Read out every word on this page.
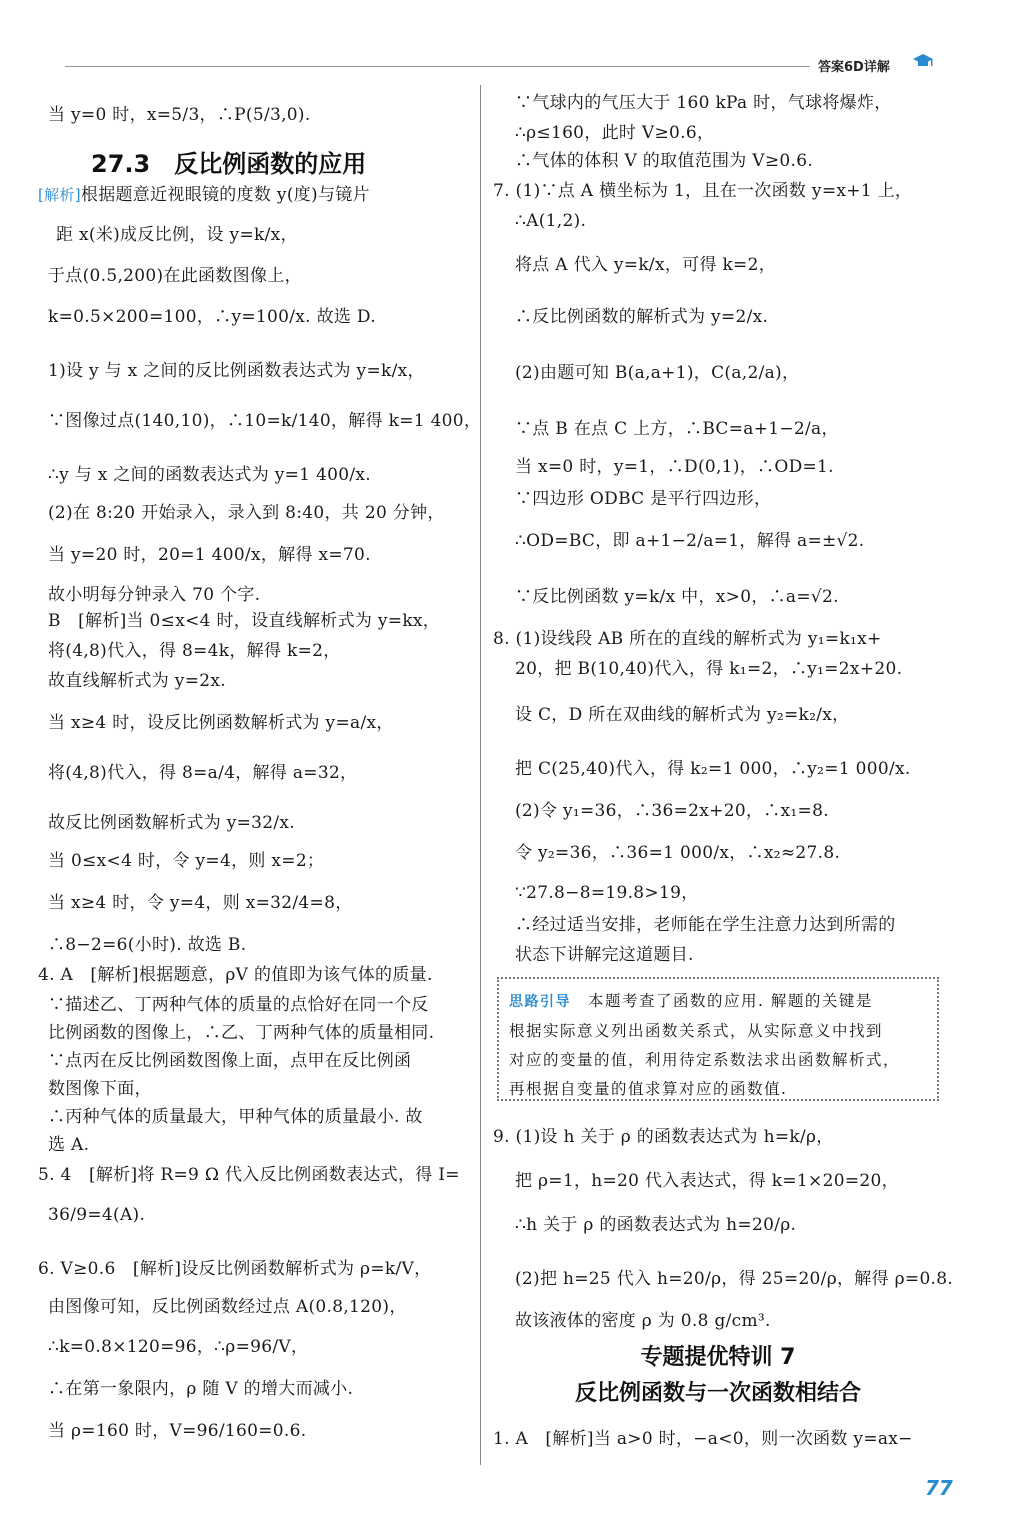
答案6D详解
当 y=0 时，x=5/3，∴P(5/3,0).
27.3　反比例函数的应用
[解析]根据题意近视眼镜的度数 y(度)与镜片
距 x(米)成反比例，设 y=k/x，
于点(0.5,200)在此函数图像上，
k=0.5×200=100，∴y=100/x. 故选 D.
1)设 y 与 x 之间的反比例函数表达式为 y=k/x，
∵图像过点(140,10)，∴10=k/140，解得 k=1 400，
∴y 与 x 之间的函数表达式为 y=1 400/x.
(2)在 8:20 开始录入，录入到 8:40，共 20 分钟，
当 y=20 时，20=1 400/x，解得 x=70.
故小明每分钟录入 70 个字.
B　[解析]当 0≤x<4 时，设直线解析式为 y=kx，
将(4,8)代入，得 8=4k，解得 k=2，
故直线解析式为 y=2x.
当 x≥4 时，设反比例函数解析式为 y=a/x，
将(4,8)代入，得 8=a/4，解得 a=32，
故反比例函数解析式为 y=32/x.
当 0≤x<4 时，令 y=4，则 x=2；
当 x≥4 时，令 y=4，则 x=32/4=8，
∴8−2=6(小时). 故选 B.
4. A　[解析]根据题意，ρV 的值即为该气体的质量.
∵描述乙、丁两种气体的质量的点恰好在同一个反
比例函数的图像上，∴乙、丁两种气体的质量相同.
∵点丙在反比例函数图像上面，点甲在反比例函
数图像下面，
∴丙种气体的质量最大，甲种气体的质量最小. 故
选 A.
5. 4　[解析]将 R=9 Ω 代入反比例函数表达式，得 I=
36/9=4(A).
6. V≥0.6　[解析]设反比例函数解析式为 ρ=k/V，
由图像可知，反比例函数经过点 A(0.8,120)，
∴k=0.8×120=96，∴ρ=96/V，
∴在第一象限内，ρ 随 V 的增大而减小.
当 ρ=160 时，V=96/160=0.6.
∵气球内的气压大于 160 kPa 时，气球将爆炸，
∴ρ≤160，此时 V≥0.6，
∴气体的体积 V 的取值范围为 V≥0.6.
7. (1)∵点 A 横坐标为 1，且在一次函数 y=x+1 上，
∴A(1,2).
将点 A 代入 y=k/x，可得 k=2，
∴反比例函数的解析式为 y=2/x.
(2)由题可知 B(a,a+1)，C(a,2/a)，
∵点 B 在点 C 上方，∴BC=a+1−2/a，
当 x=0 时，y=1，∴D(0,1)，∴OD=1.
∵四边形 ODBC 是平行四边形，
∴OD=BC，即 a+1−2/a=1，解得 a=±√2.
∵反比例函数 y=k/x 中，x>0，∴a=√2.
8. (1)设线段 AB 所在的直线的解析式为 y₁=k₁x+
20，把 B(10,40)代入，得 k₁=2，∴y₁=2x+20.
设 C，D 所在双曲线的解析式为 y₂=k₂/x，
把 C(25,40)代入，得 k₂=1 000，∴y₂=1 000/x.
(2)令 y₁=36，∴36=2x+20，∴x₁=8.
令 y₂=36，∴36=1 000/x，∴x₂≈27.8.
∵27.8−8=19.8>19，
∴经过适当安排，老师能在学生注意力达到所需的
状态下讲解完这道题目.
思路引导　 本题考查了函数的应用. 解题的关键是
根据实际意义列出函数关系式，从实际意义中找到
对应的变量的值，利用待定系数法求出函数解析式，
再根据自变量的值求算对应的函数值.
9. (1)设 h 关于 ρ 的函数表达式为 h=k/ρ，
把 ρ=1，h=20 代入表达式，得 k=1×20=20，
∴h 关于 ρ 的函数表达式为 h=20/ρ.
(2)把 h=25 代入 h=20/ρ，得 25=20/ρ，解得 ρ=0.8.
故该液体的密度 ρ 为 0.8 g/cm³.
专题提优特训 7
反比例函数与一次函数相结合
1. A　[解析]当 a>0 时，−a<0，则一次函数 y=ax−
77
